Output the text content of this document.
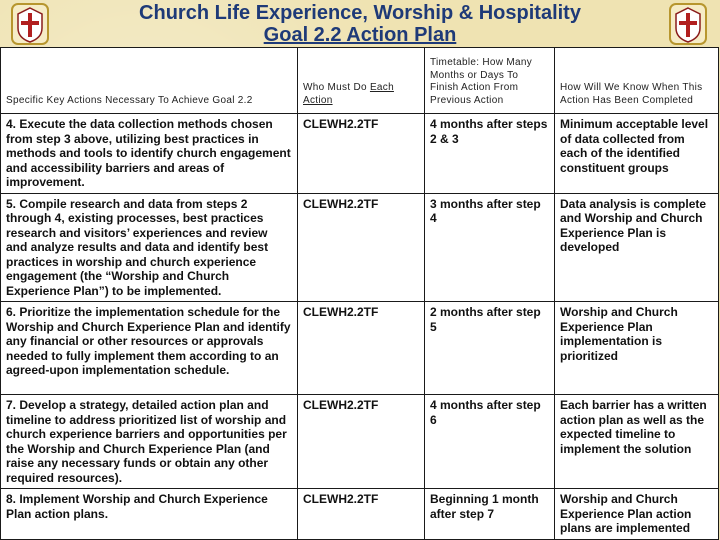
Church Life Experience, Worship & Hospitality
Goal 2.2 Action Plan
Specific Key Actions Necessary To Achieve Goal 2.2	Who Must Do Each Action	Timetable: How Many Months or Days To Finish Action From Previous Action	How Will We Know When This Action Has Been Completed
4. Execute the data collection methods chosen from step 3 above, utilizing best practices in methods and tools to identify church engagement and accessibility barriers and areas of improvement.	CLEWH2.2TF	4 months after steps 2 & 3	Minimum acceptable level of data collected from each of the identified constituent groups
5. Compile research and data from steps 2 through 4, existing processes, best practices research and visitors’ experiences and review and analyze results and data and identify best practices in worship and church experience engagement (the “Worship and Church Experience Plan”) to be implemented.	CLEWH2.2TF	3 months after step 4	Data analysis is complete and Worship and Church Experience Plan is developed
6. Prioritize the implementation schedule for the Worship and Church Experience Plan and identify any financial or other resources or approvals needed to fully implement them according to an agreed-upon implementation schedule.	CLEWH2.2TF	2 months after step 5	Worship and Church Experience Plan implementation is prioritized
7. Develop a strategy, detailed action plan and timeline to address prioritized list of worship and church experience barriers and opportunities per the Worship and Church Experience Plan (and raise any necessary funds or obtain any other required resources).	CLEWH2.2TF	4 months after step 6	Each barrier has a written action plan as well as the expected timeline to implement the solution
8. Implement Worship and Church Experience Plan action plans.	CLEWH2.2TF	Beginning 1 month after step 7	Worship and Church Experience Plan action plans are implemented
